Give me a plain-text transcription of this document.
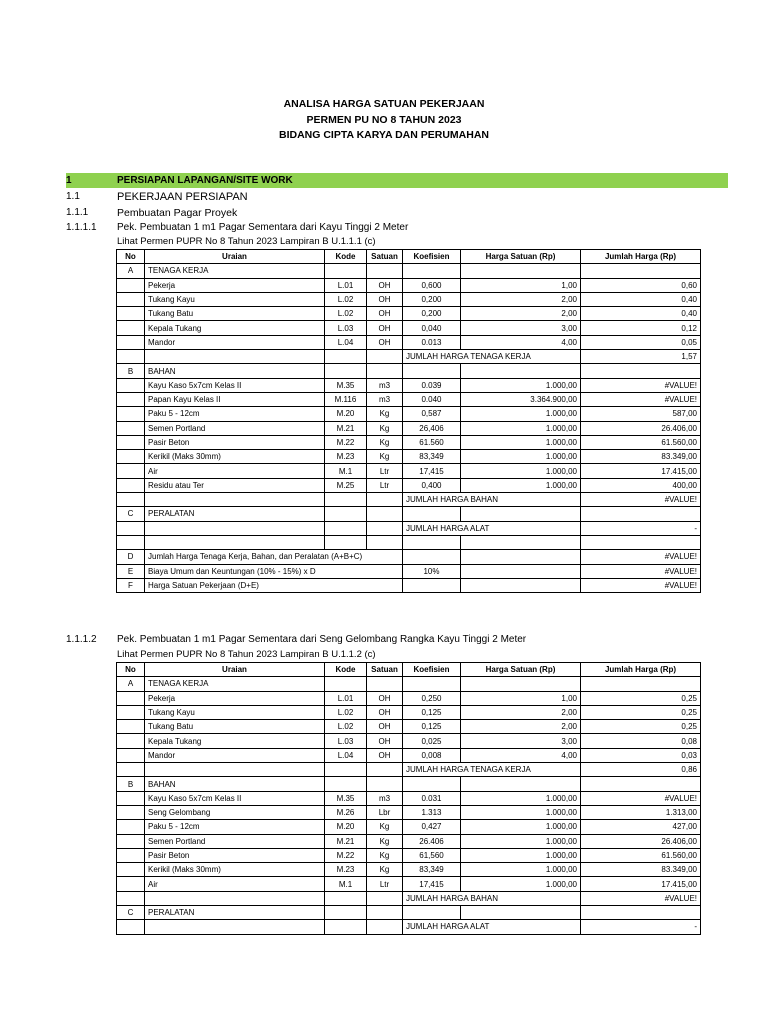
ANALISA HARGA SATUAN PEKERJAAN
PERMEN PU NO 8 TAHUN 2023
BIDANG CIPTA KARYA DAN PERUMAHAN
1	PERSIAPAN LAPANGAN/SITE WORK
1.1	PEKERJAAN PERSIAPAN
1.1.1	Pembuatan Pagar Proyek
1.1.1.1 Pek. Pembuatan 1 m1 Pagar Sementara dari Kayu Tinggi 2 Meter
Lihat Permen PUPR No 8 Tahun 2023 Lampiran B U.1.1.1 (c)
No	Uraian	Kode	Satuan	Koefisien	Harga Satuan (Rp)	Jumlah Harga (Rp)
A	TENAGA KERJA					
	Pekerja	L.01	OH	0,600	1,00	0,60
	Tukang Kayu	L.02	OH	0,200	2,00	0,40
	Tukang Batu	L.02	OH	0,200	2,00	0,40
	Kepala Tukang	L.03	OH	0,040	3,00	0,12
	Mandor	L.04	OH	0.013	4,00	0,05
				JUMLAH HARGA TENAGA KERJA		1,57
B	BAHAN					
	Kayu Kaso 5x7cm Kelas II	M.35	m3	0.039	1.000,00	#VALUE!
	Papan Kayu Kelas II	M.116	m3	0.040	3.364.900,00	#VALUE!
	Paku 5 - 12cm	M.20	Kg	0,587	1.000,00	587,00
	Semen Portland	M.21	Kg	26,406	1.000,00	26.406,00
	Pasir Beton	M.22	Kg	61.560	1.000,00	61.560,00
	Kerikil (Maks 30mm)	M.23	Kg	83,349	1.000,00	83.349,00
	Air	M.1	Ltr	17,415	1.000,00	17.415,00
	Residu atau Ter	M.25	Ltr	0,400	1.000,00	400,00
				JUMLAH HARGA BAHAN		#VALUE!
C	PERALATAN					
				JUMLAH HARGA ALAT		-

D	Jumlah Harga Tenaga Kerja, Bahan, dan Peralatan (A+B+C)					#VALUE!
E	Biaya Umum dan Keuntungan (10% - 15%) x D			10%		#VALUE!
F	Harga Satuan Pekerjaan (D+E)					#VALUE!
1.1.1.2 Pek. Pembuatan 1 m1 Pagar Sementara dari Seng Gelombang Rangka Kayu Tinggi 2 Meter
Lihat Permen PUPR No 8 Tahun 2023 Lampiran B U.1.1.2 (c)
No	Uraian	Kode	Satuan	Koefisien	Harga Satuan (Rp)	Jumlah Harga (Rp)
A	TENAGA KERJA					
	Pekerja	L.01	OH	0,250	1,00	0,25
	Tukang Kayu	L.02	OH	0,125	2,00	0,25
	Tukang Batu	L.02	OH	0,125	2,00	0,25
	Kepala Tukang	L.03	OH	0,025	3,00	0,08
	Mandor	L.04	OH	0,008	4,00	0,03
				JUMLAH HARGA TENAGA KERJA		0,86
B	BAHAN					
	Kayu Kaso 5x7cm Kelas II	M.35	m3	0.031	1.000,00	#VALUE!
	Seng Gelombang	M.26	Lbr	1.313	1.000,00	1.313,00
	Paku 5 - 12cm	M.20	Kg	0,427	1.000,00	427,00
	Semen Portland	M.21	Kg	26.406	1.000,00	26.406,00
	Pasir Beton	M.22	Kg	61,560	1.000,00	61.560,00
	Kerikil (Maks 30mm)	M.23	Kg	83,349	1.000,00	83.349,00
	Air	M.1	Ltr	17,415	1.000,00	17.415,00
				JUMLAH HARGA BAHAN		#VALUE!
C	PERALATAN					
				JUMLAH HARGA ALAT		-
